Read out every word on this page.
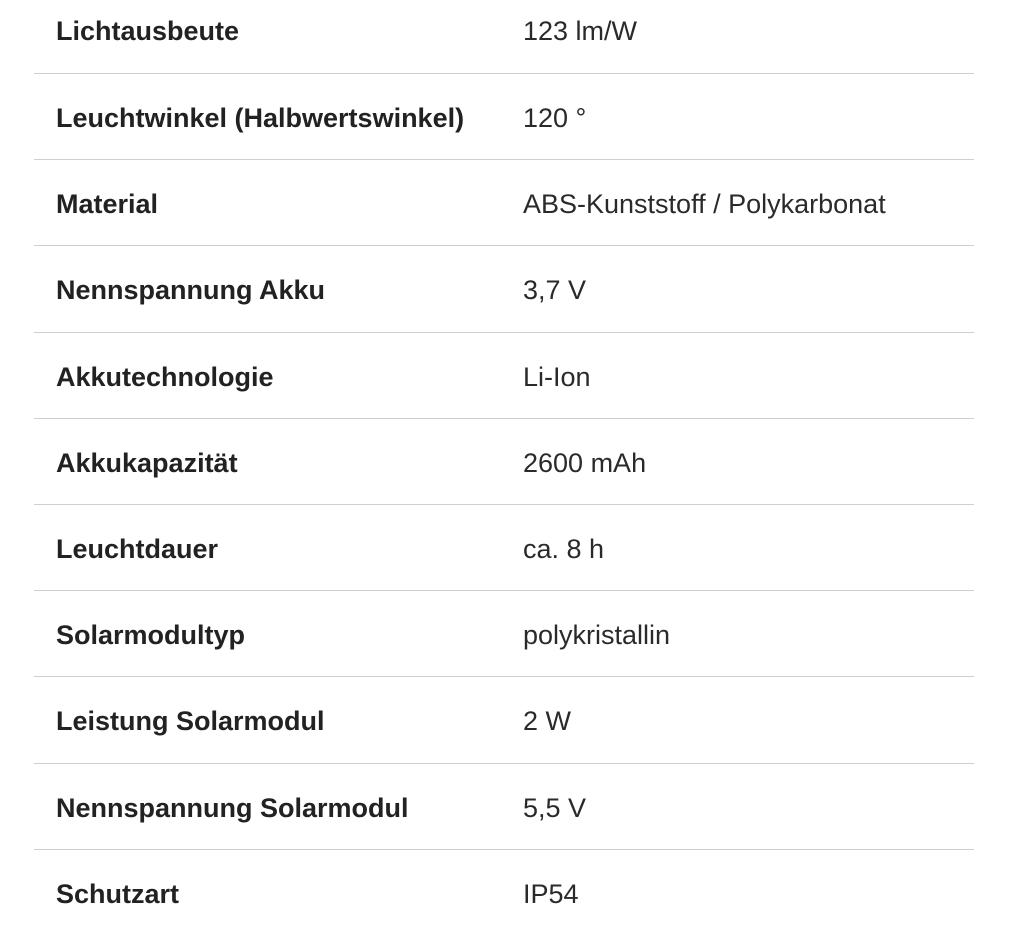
Lichtausbeute	123 lm/W
Leuchtwinkel (Halbwertswinkel) 120 °
Material	ABS-Kunststoff / Polykarbonat
Nennspannung Akku	3,7 V
Akkutechnologie	Li-Ion
Akkukapazität	2600 mAh
Leuchtdauer	ca. 8 h
Solarmodultyp	polykristallin
Leistung Solarmodul	2 W
Nennspannung Solarmodul	5,5 V
Schutzart	IP54
